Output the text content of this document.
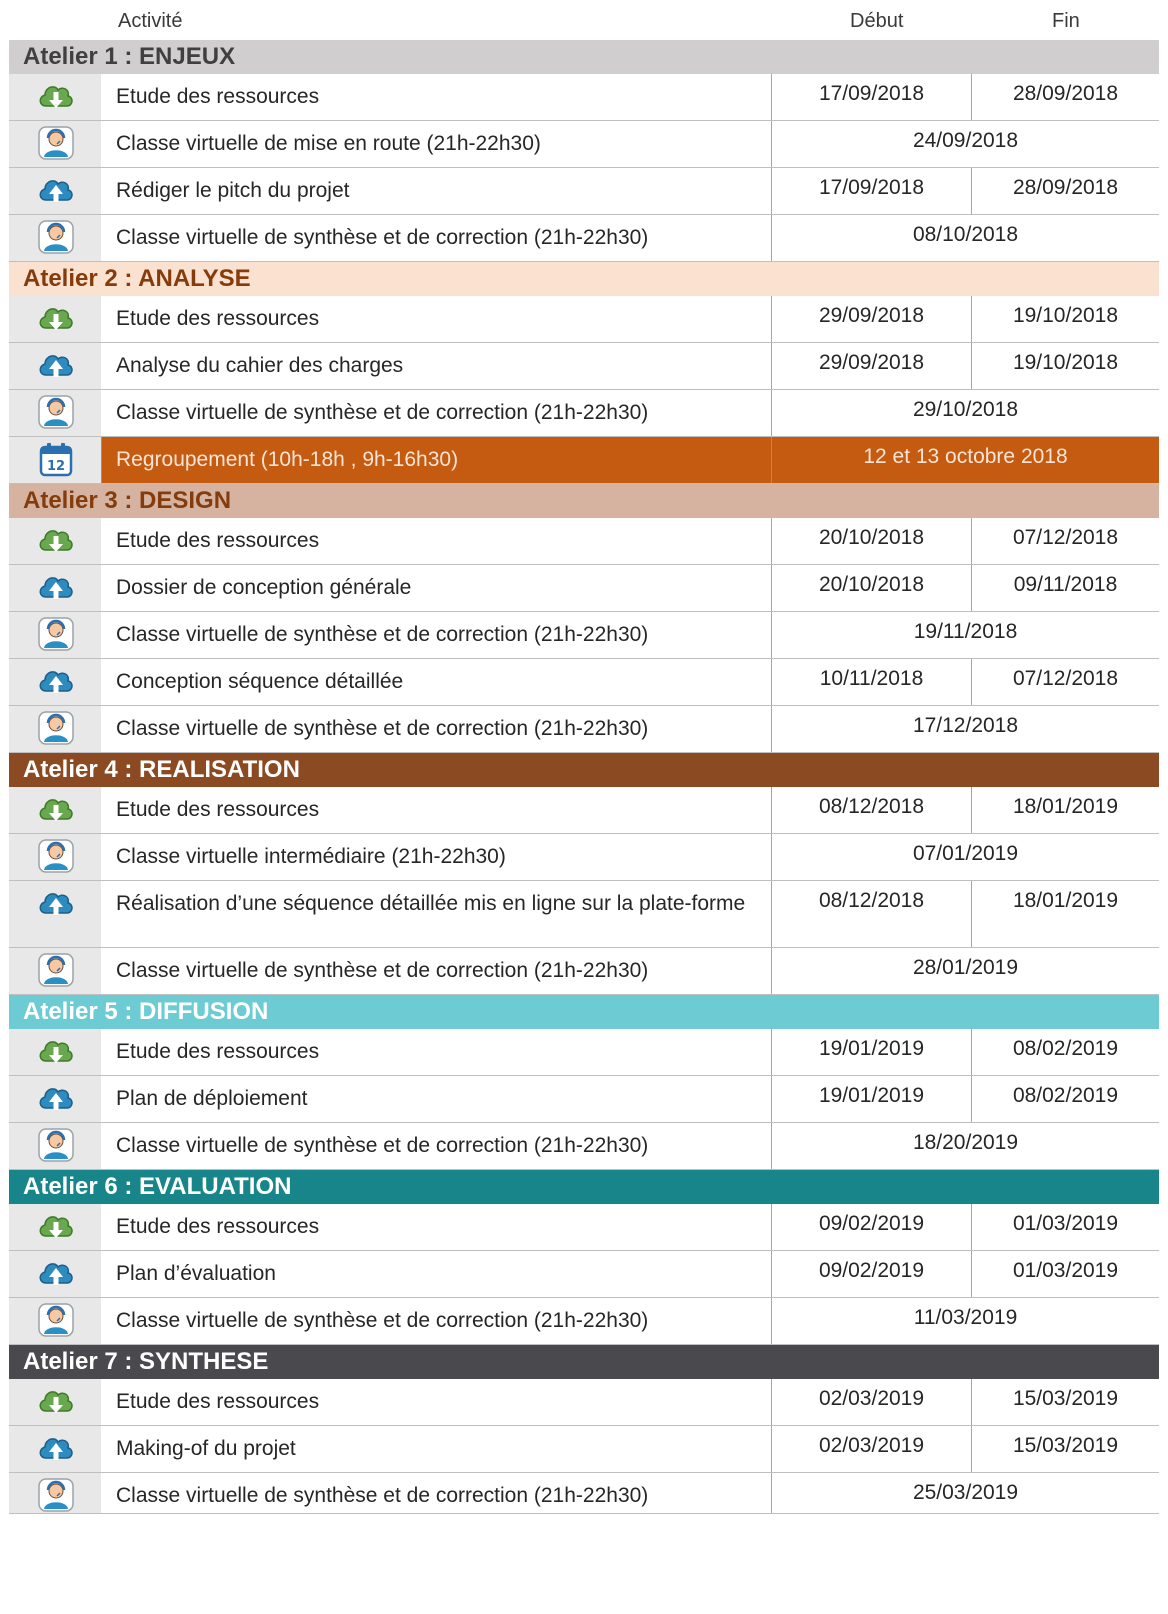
Activité	Début	Fin
Atelier 1 : ENJEUX
Etude des ressources	17/09/2018	28/09/2018
Classe virtuelle de mise en route (21h-22h30)	24/09/2018
Rédiger le pitch du projet	17/09/2018	28/09/2018
Classe virtuelle de synthèse et de correction (21h-22h30)	08/10/2018
Atelier 2 : ANALYSE
Etude des ressources	29/09/2018	19/10/2018
Analyse du cahier des charges	29/09/2018	19/10/2018
Classe virtuelle de synthèse et de correction (21h-22h30)	29/10/2018
12	Regroupement (10h-18h , 9h-16h30)	12 et 13 octobre 2018
Atelier 3 : DESIGN
Etude des ressources	20/10/2018	07/12/2018
Dossier de conception générale	20/10/2018	09/11/2018
Classe virtuelle de synthèse et de correction (21h-22h30)	19/11/2018
Conception séquence détaillée	10/11/2018	07/12/2018
Classe virtuelle de synthèse et de correction (21h-22h30)	17/12/2018
Atelier 4 : REALISATION
Etude des ressources	08/12/2018	18/01/2019
Classe virtuelle intermédiaire (21h-22h30)	07/01/2019
Réalisation d’une séquence détaillée mis en ligne sur la plate-forme	08/12/2018	18/01/2019
Classe virtuelle de synthèse et de correction (21h-22h30)	28/01/2019
Atelier 5 : DIFFUSION
Etude des ressources	19/01/2019	08/02/2019
Plan de déploiement	19/01/2019	08/02/2019
Classe virtuelle de synthèse et de correction (21h-22h30)	18/20/2019
Atelier 6 : EVALUATION
Etude des ressources	09/02/2019	01/03/2019
Plan d’évaluation	09/02/2019	01/03/2019
Classe virtuelle de synthèse et de correction (21h-22h30)	11/03/2019
Atelier 7 : SYNTHESE
Etude des ressources	02/03/2019	15/03/2019
Making-of du projet	02/03/2019	15/03/2019
Classe virtuelle de synthèse et de correction (21h-22h30)	25/03/2019
